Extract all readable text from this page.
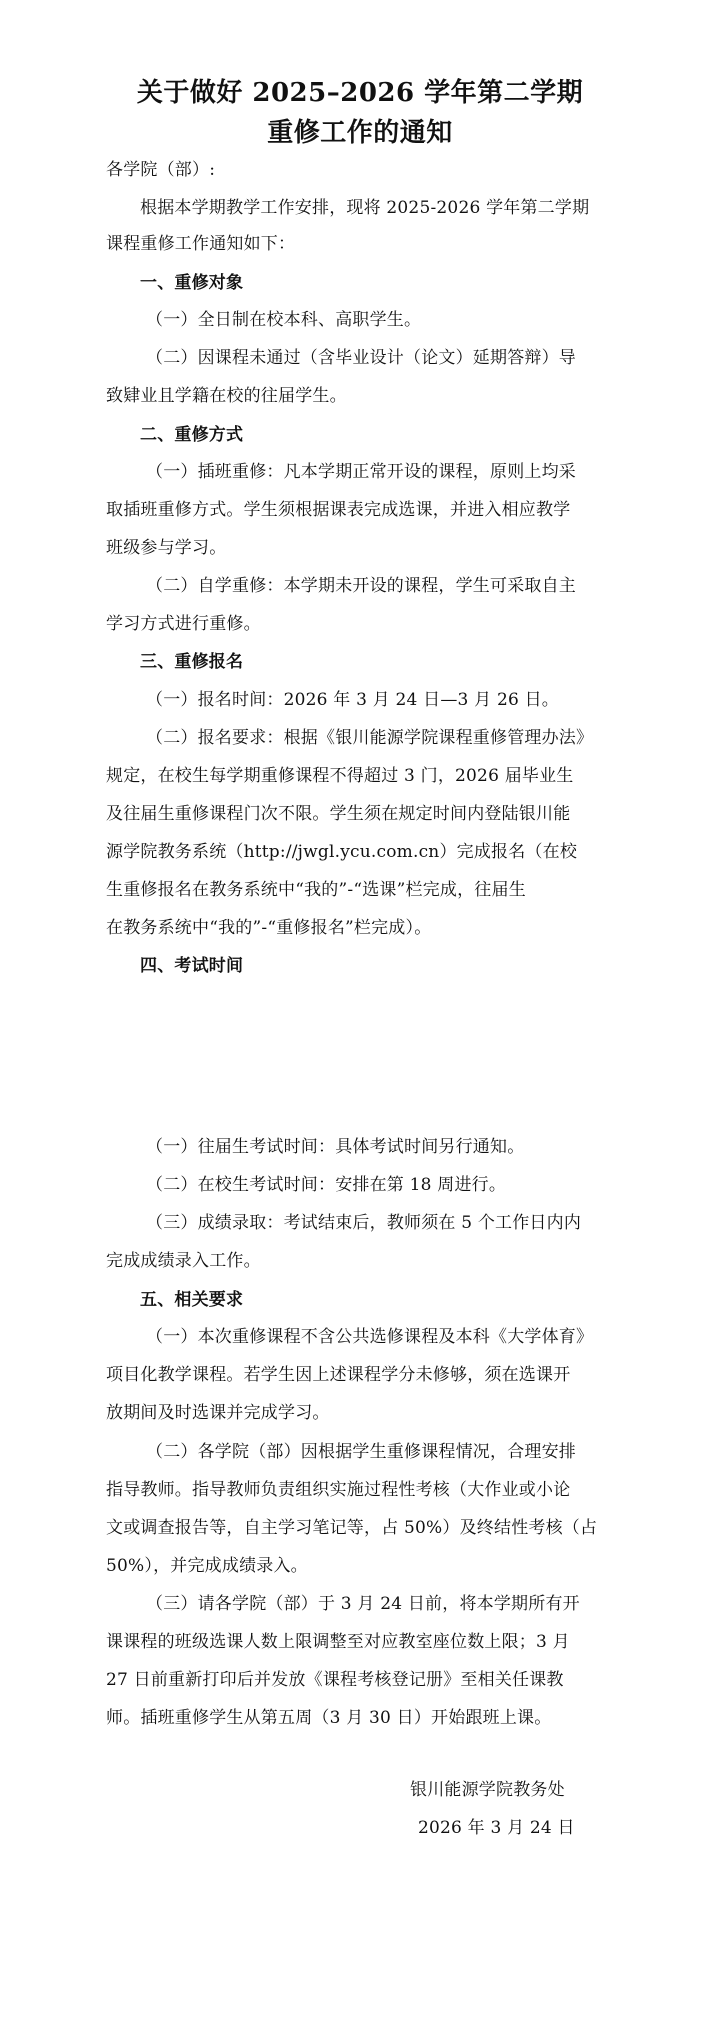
关于做好 2025–2026 学年第二学期
重修工作的通知
各学院（部）:
根据本学期教学工作安排，现将 2025-2026 学年第二学期
课程重修工作通知如下：
一、重修对象
（一）全日制在校本科、高职学生。
（二）因课程未通过（含毕业设计（论文）延期答辩）导
致肄业且学籍在校的往届学生。
二、重修方式
（一）插班重修：凡本学期正常开设的课程，原则上均采
取插班重修方式。学生须根据课表完成选课，并进入相应教学
班级参与学习。
（二）自学重修：本学期未开设的课程，学生可采取自主
学习方式进行重修。
三、重修报名
（一）报名时间：2026 年 3 月 24 日—3 月 26 日。
（二）报名要求：根据《银川能源学院课程重修管理办法》
规定，在校生每学期重修课程不得超过 3 门，2026 届毕业生
及往届生重修课程门次不限。学生须在规定时间内登陆银川能
源学院教务系统（http://jwgl.ycu.com.cn）完成报名（在校
生重修报名在教务系统中“我的”-“选课”栏完成，往届生
在教务系统中“我的”-“重修报名”栏完成）。
四、考试时间
（一）往届生考试时间：具体考试时间另行通知。
（二）在校生考试时间：安排在第 18 周进行。
（三）成绩录取：考试结束后，教师须在 5 个工作日内内
完成成绩录入工作。
五、相关要求
（一）本次重修课程不含公共选修课程及本科《大学体育》
项目化教学课程。若学生因上述课程学分未修够，须在选课开
放期间及时选课并完成学习。
（二）各学院（部）因根据学生重修课程情况，合理安排
指导教师。指导教师负责组织实施过程性考核（大作业或小论
文或调查报告等，自主学习笔记等，占 50%）及终结性考核（占
50%），并完成成绩录入。
（三）请各学院（部）于 3 月 24 日前，将本学期所有开
课课程的班级选课人数上限调整至对应教室座位数上限；3 月
27 日前重新打印后并发放《课程考核登记册》至相关任课教
师。插班重修学生从第五周（3 月 30 日）开始跟班上课。
银川能源学院教务处
2026 年 3 月 24 日
